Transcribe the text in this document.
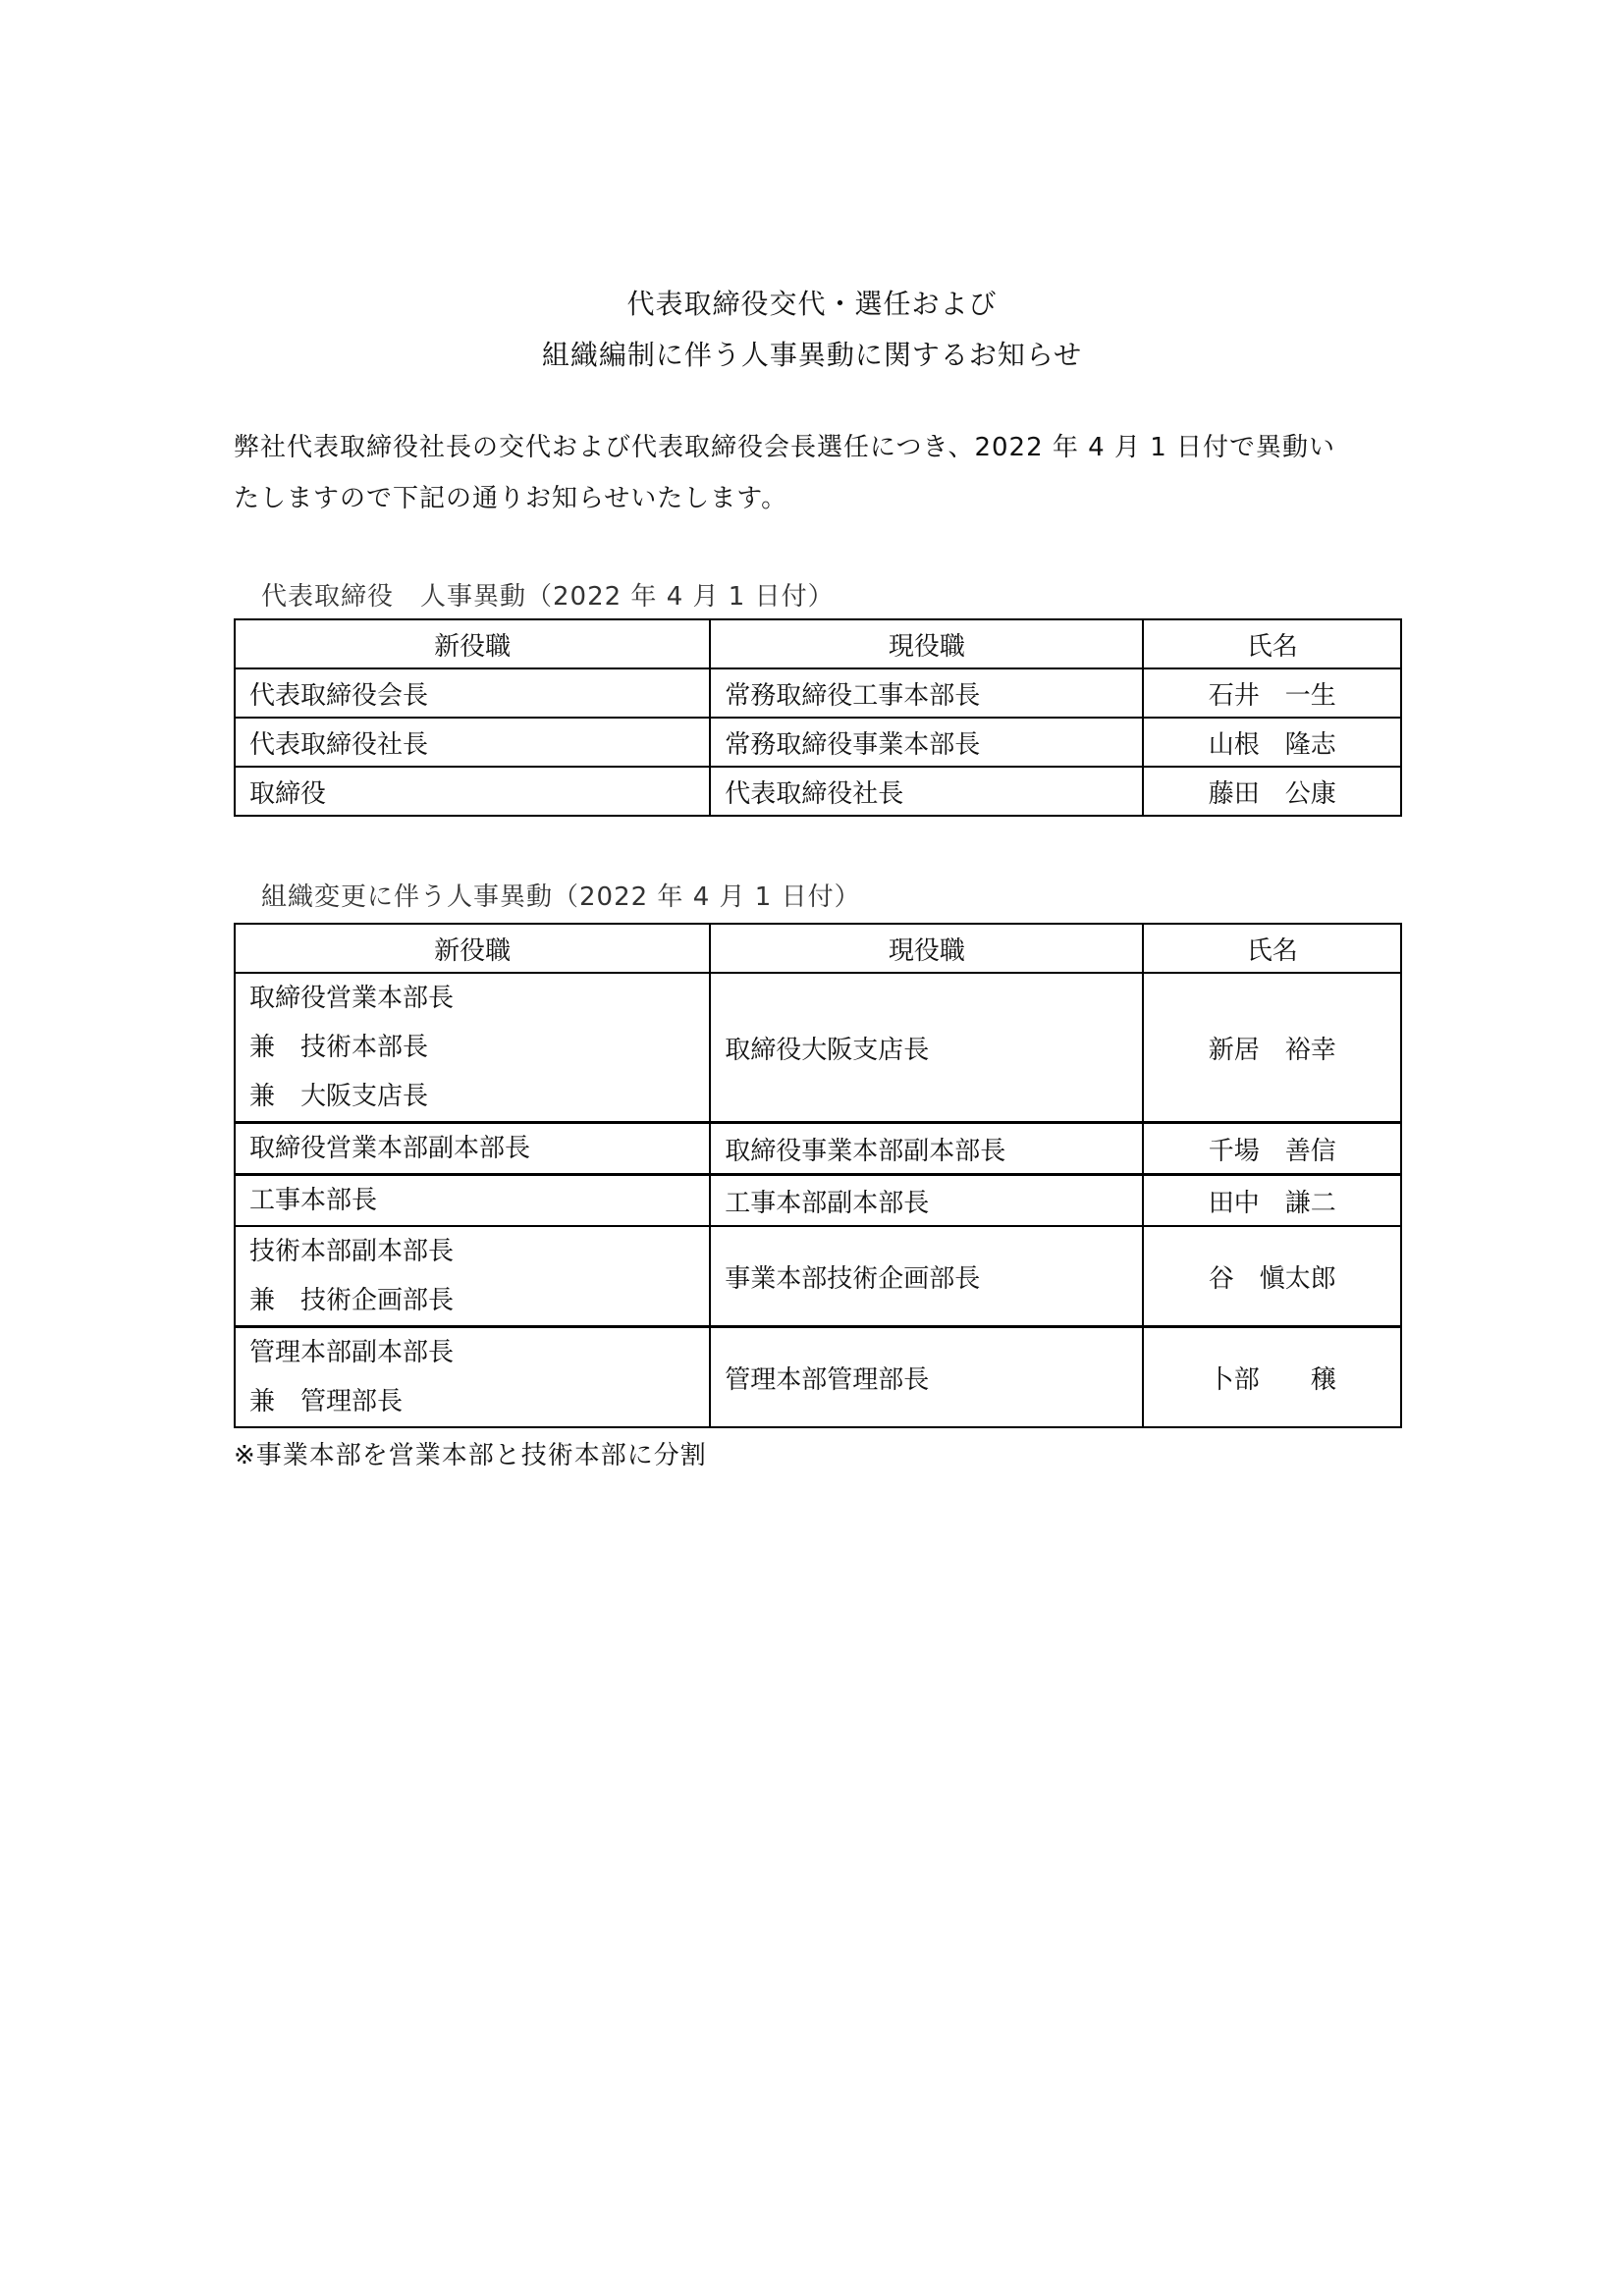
代表取締役交代・選任および
組織編制に伴う人事異動に関するお知らせ
弊社代表取締役社長の交代および代表取締役会長選任につき、2022 年 4 月 1 日付で異動い
たしますので下記の通りお知らせいたします。
代表取締役　人事異動（2022 年 4 月 1 日付）
新役職	現役職	氏名
代表取締役会長	常務取締役工事本部長	石井　一生
代表取締役社長	常務取締役事業本部長	山根　隆志
取締役	代表取締役社長	藤田　公康
組織変更に伴う人事異動（2022 年 4 月 1 日付）
新役職	現役職	氏名

取締役営業本部長
兼　技術本部長
兼　大阪支店長	取締役大阪支店長	新居　裕幸

取締役営業本部副本部長	取締役事業本部副本部長	千場　善信

工事本部長	工事本部副本部長	田中　謙二

技術本部副本部長
兼　技術企画部長	事業本部技術企画部長	谷　愼太郎

管理本部副本部長
兼　管理部長	管理本部管理部長	卜部　　穣
※事業本部を営業本部と技術本部に分割
